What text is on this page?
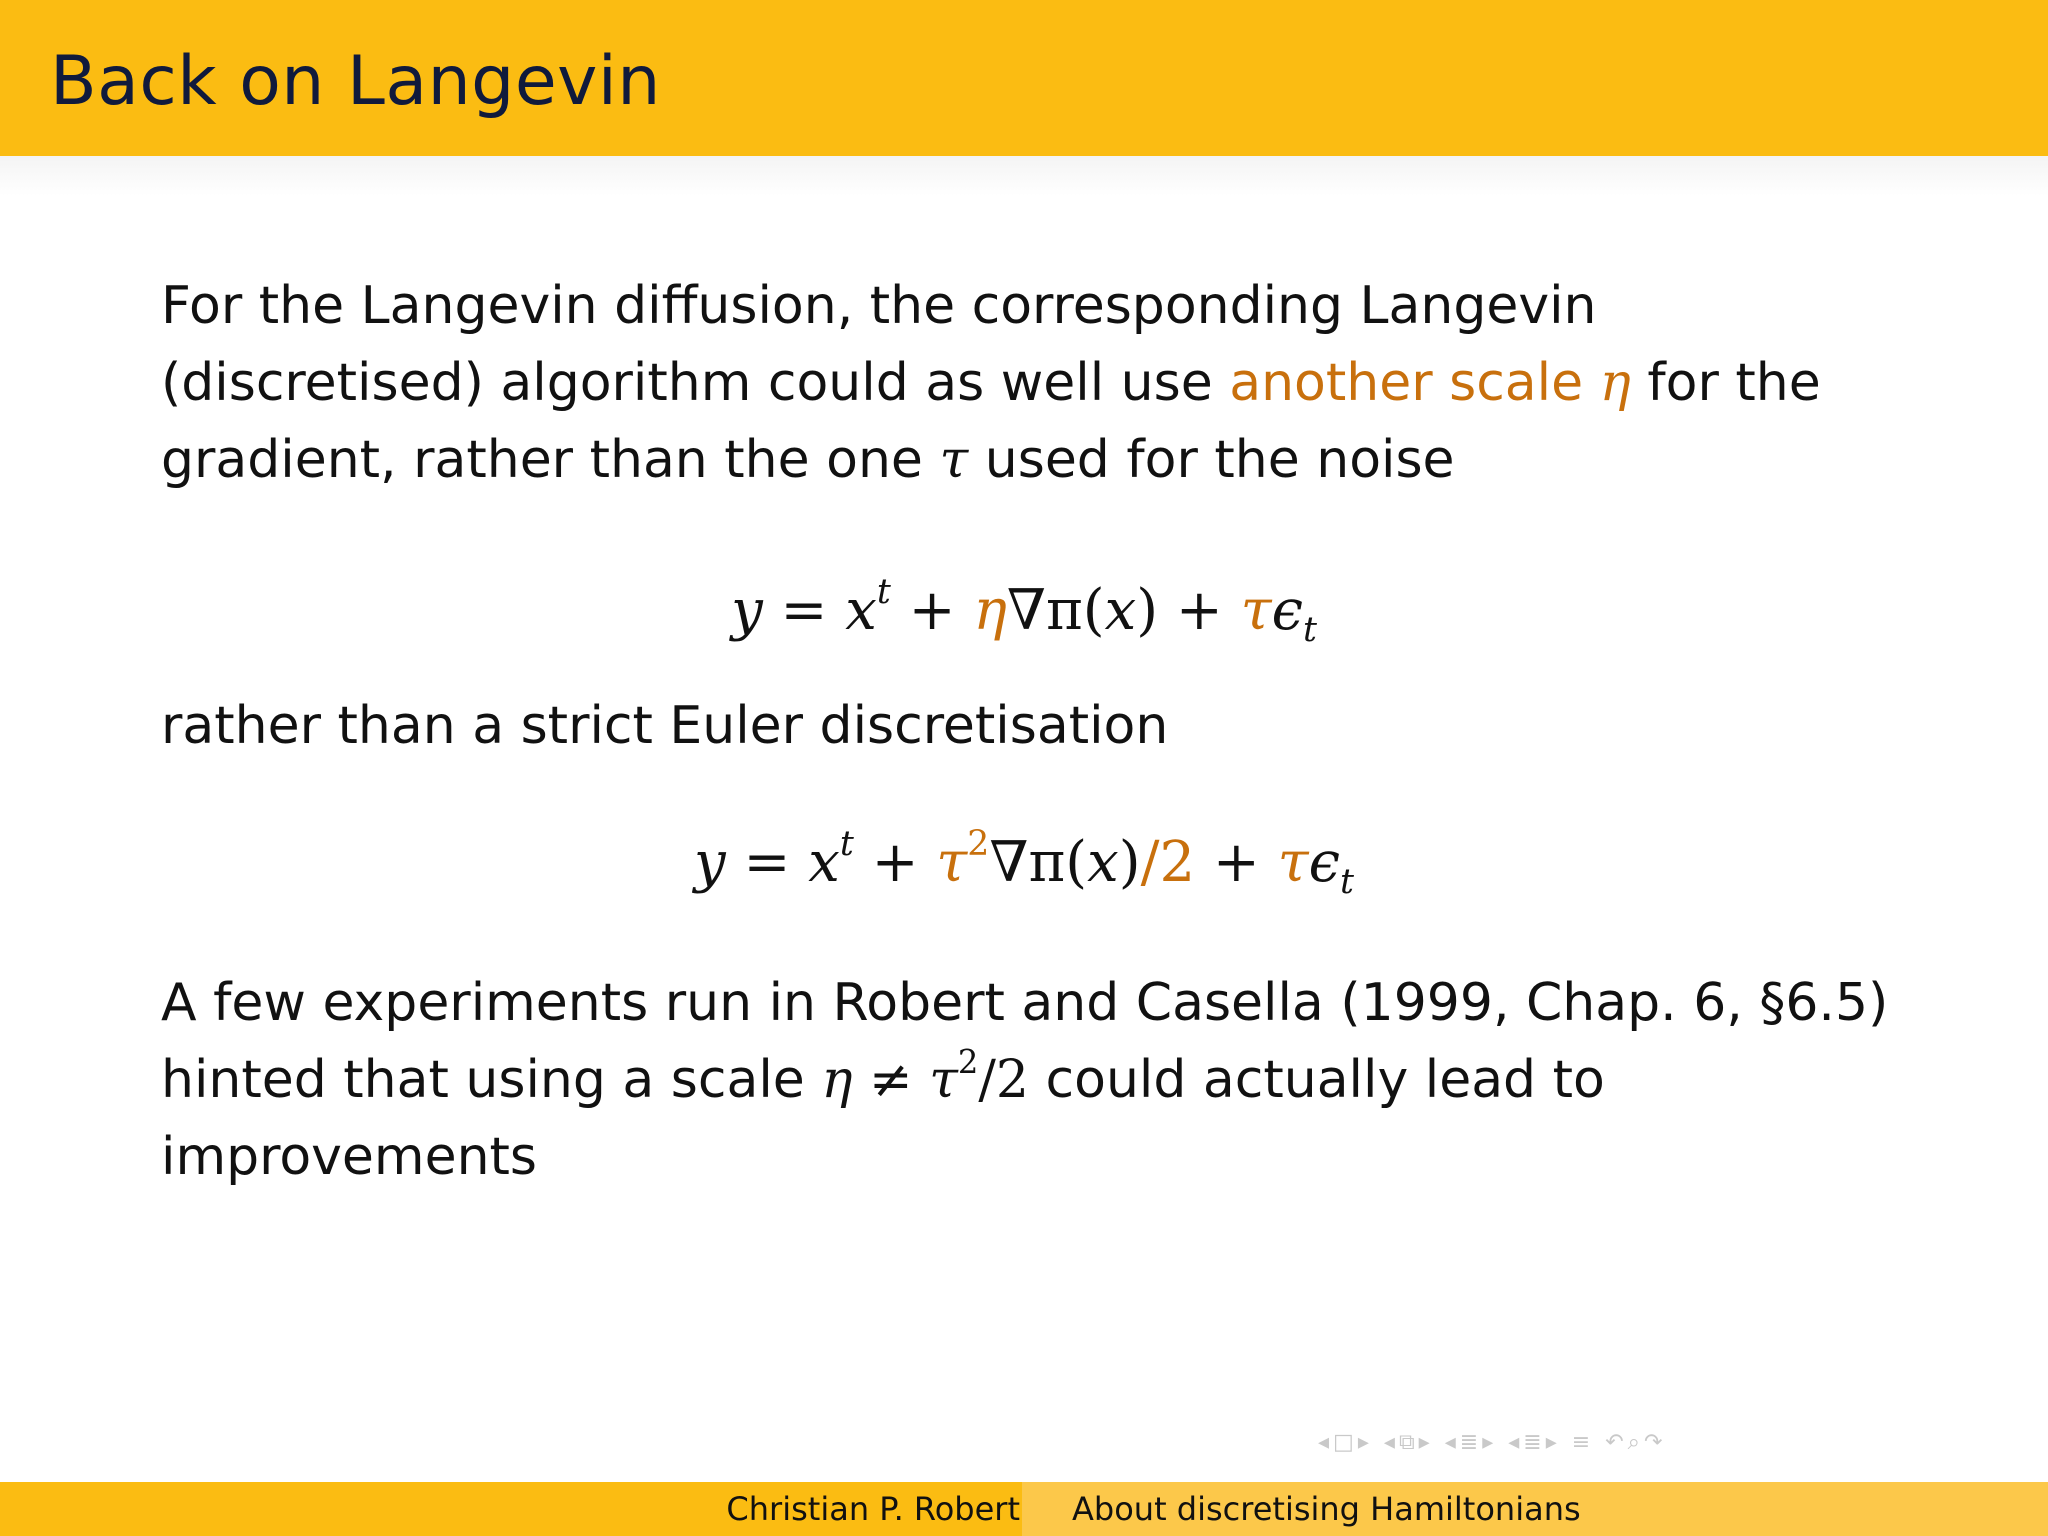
Back on Langevin
For the Langevin diffusion, the corresponding Langevin
(discretised) algorithm could as well use another scale η for the
gradient, rather than the one τ used for the noise
$y = x^t + \eta\nabla\pi(x) + \tau\epsilon_t$
rather than a strict Euler discretisation
$y = x^t + \tau^2\nabla\pi(x)/2 + \tau\epsilon_t$
A few experiments run in Robert and Casella (1999, Chap. 6, §6.5)
hinted that using a scale $\eta \ne \tau^2/2$ could actually lead to
improvements
◂□▸ ◂⧉▸ ◂≣▸ ◂≣▸ ≡ ↶⌕↷
Christian P. Robert About discretising Hamiltonians
